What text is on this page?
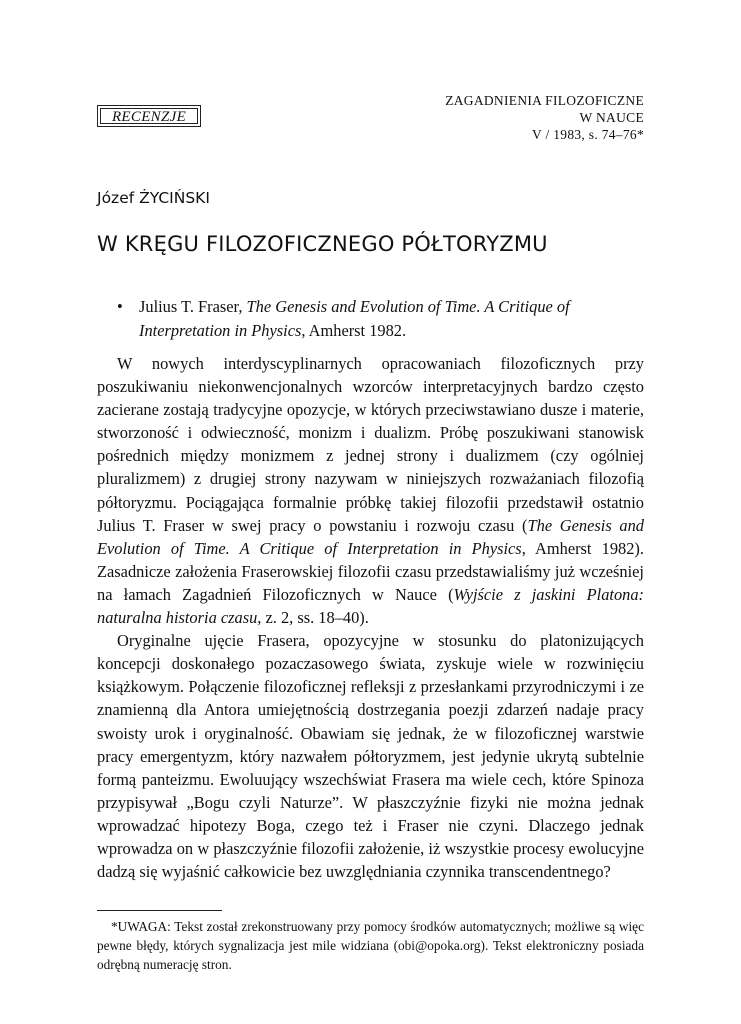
RECENZJE
ZAGADNIENIA FILOZOFICZNE
W NAUCE
V / 1983, s. 74–76*
Józef ŻYCIŃSKI
W KRĘGU FILOZOFICZNEGO PÓŁTORYZMU
• Julius T. Fraser, The Genesis and Evolution of Time. A Critique of Interpretation in Physics, Amherst 1982.

W nowych interdyscyplinarnych opracowaniach filozoficznych przy poszukiwaniu niekonwencjonalnych wzorców interpretacyjnych bardzo często zacierane zostają tradycyjne opozycje, w których przeciwstawiano dusze i materie, stworzoność i odwieczność, monizm i dualizm. Próbę poszukiwani stanowisk pośrednich między monizmem z jednej strony i dualizmem (czy ogólniej pluralizmem) z drugiej strony nazywam w niniejszych rozważaniach filozofią półtoryzmu. Pociągająca formalnie próbkę takiej filozofii przedstawił ostatnio Julius T. Fraser w swej pracy o powstaniu i rozwoju czasu (The Genesis and Evolution of Time. A Critique of Interpretation in Physics, Amherst 1982). Zasadnicze założenia Fraserowskiej filozofii czasu przedstawialiśmy już wcześniej na łamach Zagadnień Filozoficznych w Nauce (Wyjście z jaskini Platona: naturalna historia czasu, z. 2, ss. 18–40).

Oryginalne ujęcie Frasera, opozycyjne w stosunku do platonizujących koncepcji doskonałego pozaczasowego świata, zyskuje wiele w rozwinięciu książkowym. Połączenie filozoficznej refleksji z przesłankami przyrodniczymi i ze znamienną dla Antora umiejętnością dostrzegania poezji zdarzeń nadaje pracy swoisty urok i oryginalność. Obawiam się jednak, że w filozoficznej warstwie pracy emergentyzm, który nazwałem półtoryzmem, jest jedynie ukrytą subtelnie formą panteizmu. Ewoluujący wszechświat Frasera ma wiele cech, które Spinoza przypisywał „Bogu czyli Naturze”. W płaszczyźnie fizyki nie można jednak wprowadzać hipotezy Boga, czego też i Fraser nie czyni. Dlaczego jednak wprowadza on w płaszczyźnie filozofii założenie, iż wszystkie procesy ewolucyjne dadzą się wyjaśnić całkowicie bez uwzględniania czynnika transcendentnego?

*UWAGA: Tekst został zrekonstruowany przy pomocy środków automatycznych; możliwe są więc pewne błędy, których sygnalizacja jest mile widziana (obi@opoka.org). Tekst elektroniczny posiada odrębną numerację stron.
